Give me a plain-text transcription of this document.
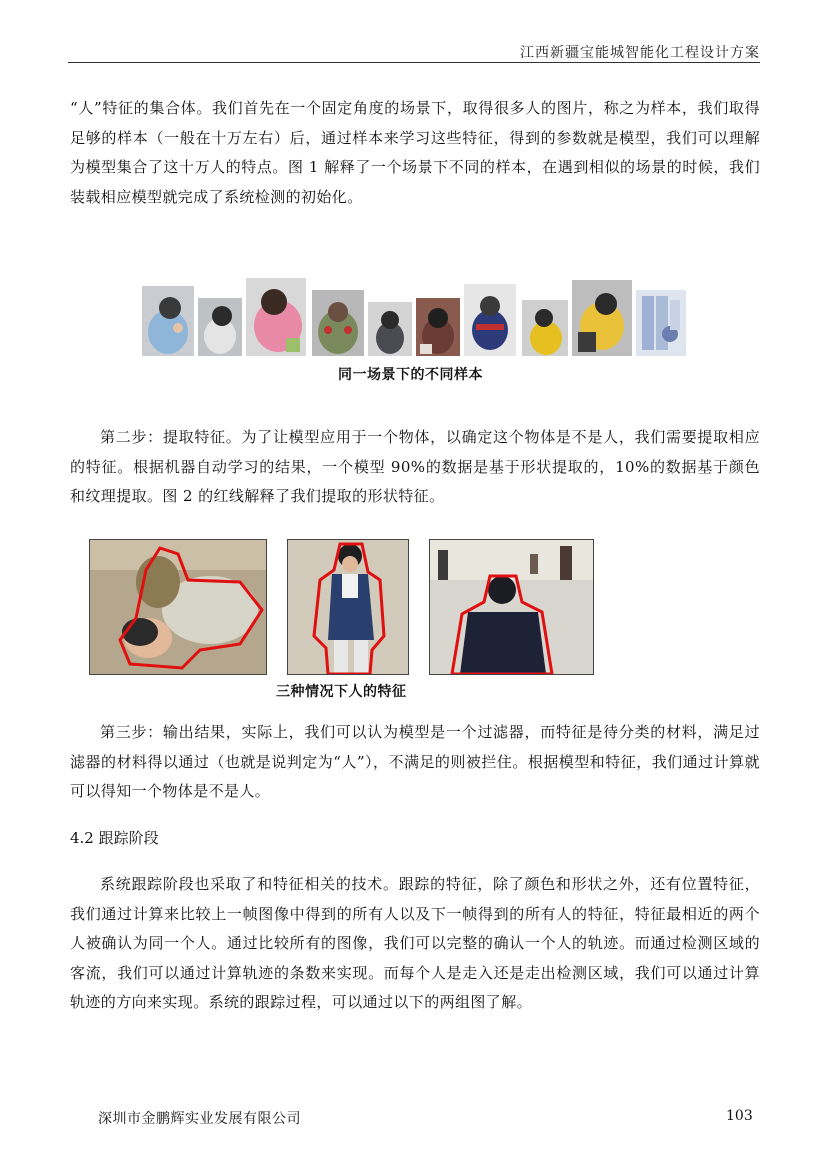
江西新疆宝能城智能化工程设计方案

“人”特征的集合体。我们首先在一个固定角度的场景下，取得很多人的图片，称之为样本，我们取得足够的样本（一般在十万左右）后，通过样本来学习这些特征，得到的参数就是模型，我们可以理解为模型集合了这十万人的特点。图 1 解释了一个场景下不同的样本，在遇到相似的场景的时候，我们装载相应模型就完成了系统检测的初始化。

同一场景下的不同样本

第二步：提取特征。为了让模型应用于一个物体，以确定这个物体是不是人，我们需要提取相应的特征。根据机器自动学习的结果，一个模型 90%的数据是基于形状提取的，10%的数据基于颜色和纹理提取。图 2 的红线解释了我们提取的形状特征。

三种情况下人的特征

第三步：输出结果，实际上，我们可以认为模型是一个过滤器，而特征是待分类的材料，满足过滤器的材料得以通过（也就是说判定为“人”），不满足的则被拦住。根据模型和特征，我们通过计算就可以得知一个物体是不是人。

4.2 跟踪阶段

系统跟踪阶段也采取了和特征相关的技术。跟踪的特征，除了颜色和形状之外，还有位置特征，我们通过计算来比较上一帧图像中得到的所有人以及下一帧得到的所有人的特征，特征最相近的两个人被确认为同一个人。通过比较所有的图像，我们可以完整的确认一个人的轨迹。而通过检测区域的客流，我们可以通过计算轨迹的条数来实现。而每个人是走入还是走出检测区域，我们可以通过计算轨迹的方向来实现。系统的跟踪过程，可以通过以下的两组图了解。

深圳市金鹏辉实业发展有限公司	103
